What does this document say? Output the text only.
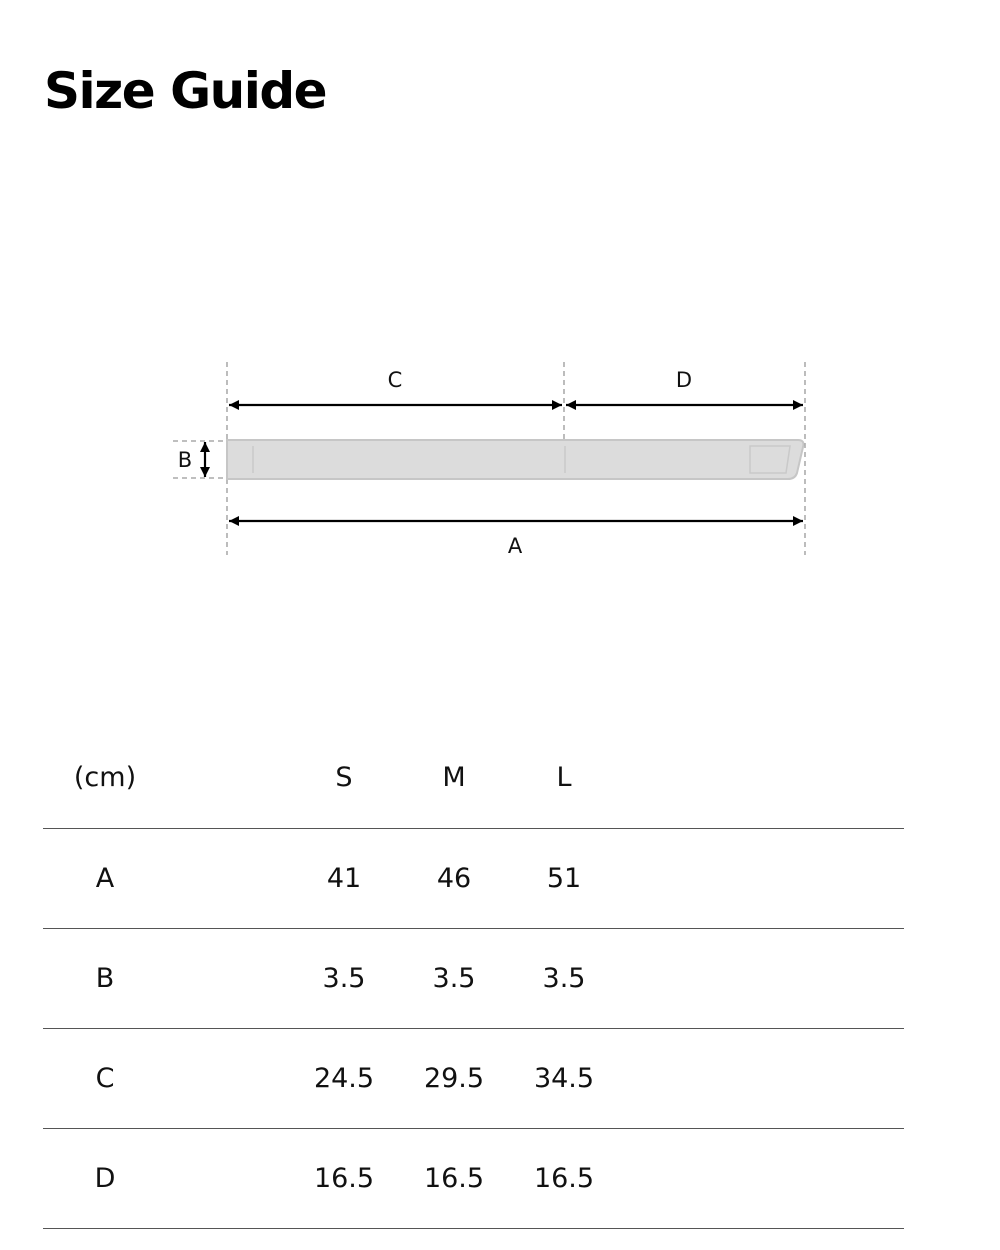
Size Guide
C	D
A
B
(cm)		S	M	L	
A		41	46	51	
B		3.5	3.5	3.5	
C		24.5	29.5	34.5	
D		16.5	16.5	16.5	
